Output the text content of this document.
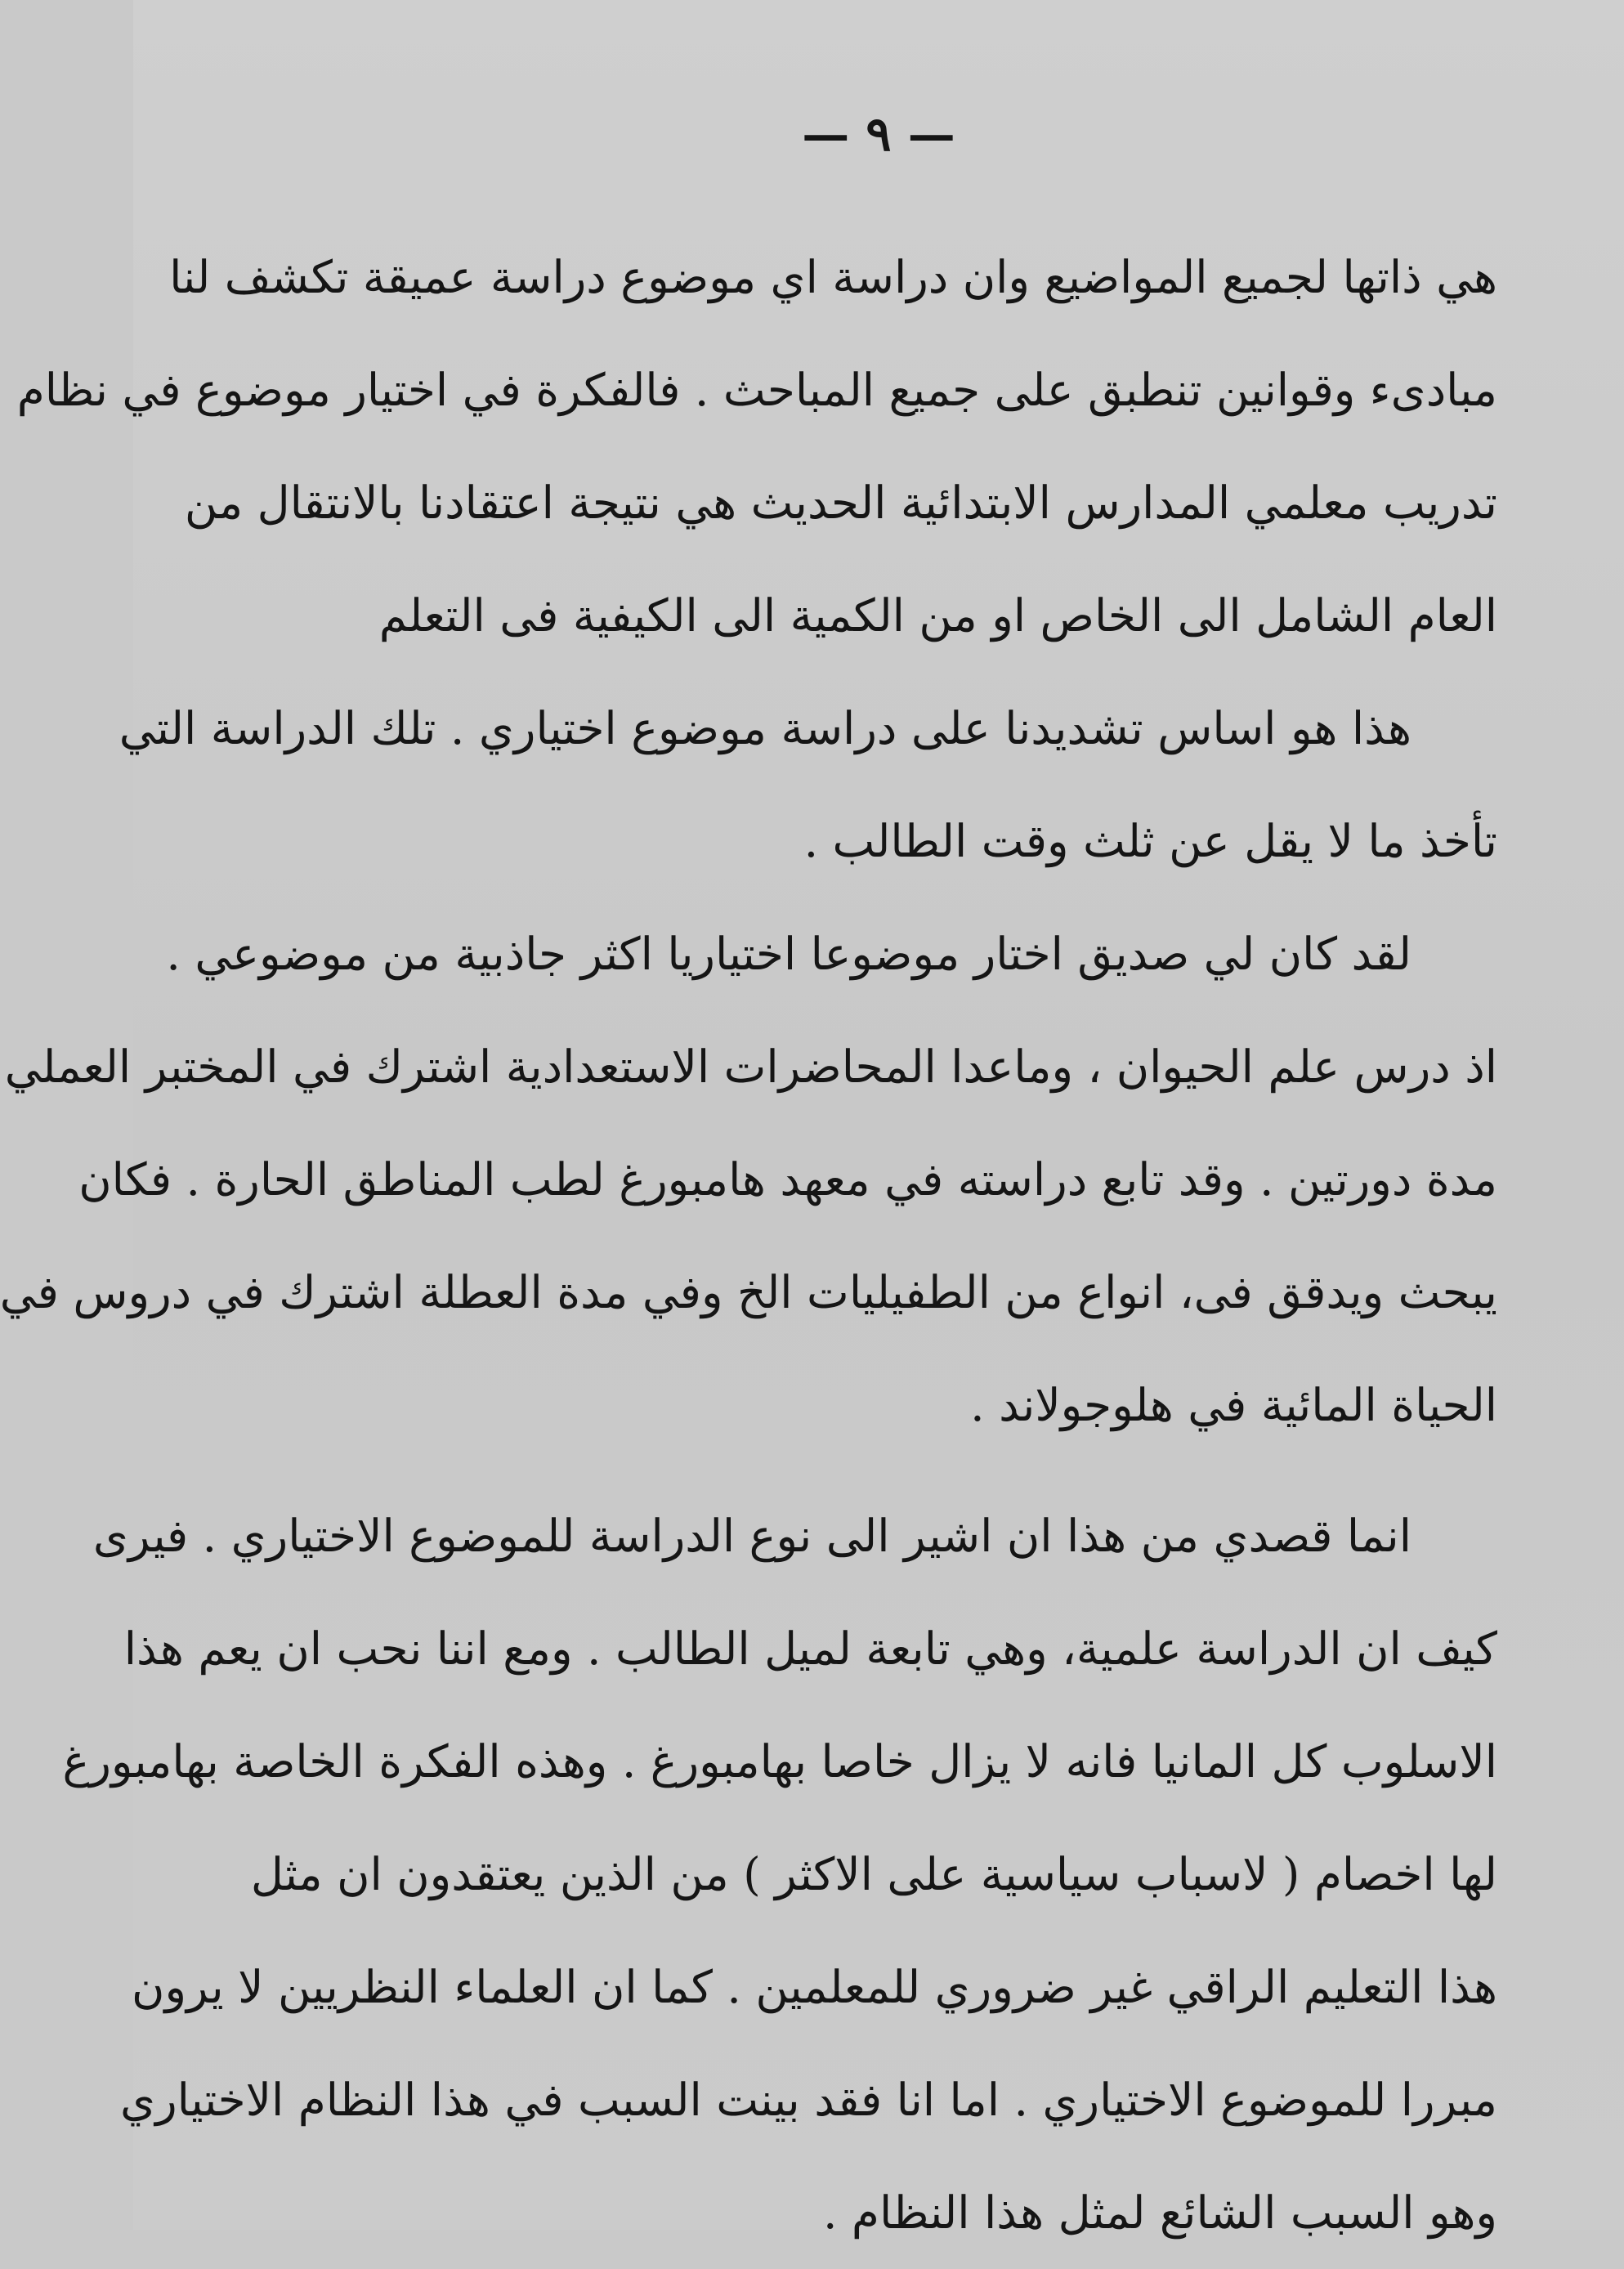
— ٩ —
هي ذاتها لجميع المواضيع وان دراسة اي موضوع دراسة عميقة تكشف لنا
مبادىء وقوانين تنطبق على جميع المباحث . فالفكرة في اختيار موضوع في نظام
تدريب معلمي المدارس الابتدائية الحديث هي نتيجة اعتقادنا بالانتقال من
العام الشامل الى الخاص او من الكمية الى الكيفية فى التعلم
هذا هو اساس تشديدنا على دراسة موضوع اختياري . تلك الدراسة التي
تأخذ ما لا يقل عن ثلث وقت الطالب .
لقد كان لي صديق اختار موضوعا اختياريا اكثر جاذبية من موضوعي .
اذ درس علم الحيوان ، وماعدا المحاضرات الاستعدادية اشترك في المختبر العملي
مدة دورتين . وقد تابع دراسته في معهد هامبورغ لطب المناطق الحارة . فكان
يبحث ويدقق فى، انواع من الطفيليات الخ وفي مدة العطلة اشترك في دروس في
الحياة المائية في هلوجولاند .
انما قصدي من هذا ان اشير الى نوع الدراسة للموضوع الاختياري . فيرى
كيف ان الدراسة علمية، وهي تابعة لميل الطالب . ومع اننا نحب ان يعم هذا
الاسلوب كل المانيا فانه لا يزال خاصا بهامبورغ . وهذه الفكرة الخاصة بهامبورغ
لها اخصام ( لاسباب سياسية على الاكثر ) من الذين يعتقدون ان مثل
هذا التعليم الراقي غير ضروري للمعلمين . كما ان العلماء النظريين لا يرون
مبررا للموضوع الاختياري . اما انا فقد بينت السبب في هذا النظام الاختياري
وهو السبب الشائع لمثل هذا النظام .
